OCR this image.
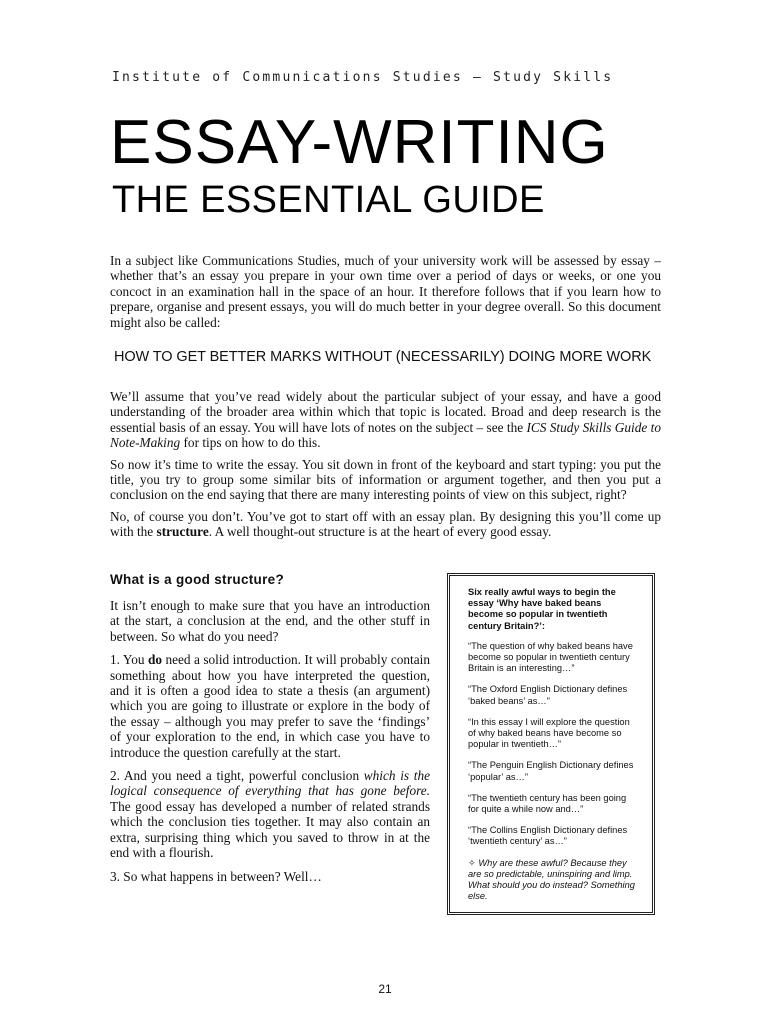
Institute of Communications Studies – Study Skills
ESSAY-WRITING
THE ESSENTIAL GUIDE

In a subject like Communications Studies, much of your university work will be assessed by essay – whether that’s an essay you prepare in your own time over a period of days or weeks, or one you concoct in an examination hall in the space of an hour. It therefore follows that if you learn how to prepare, organise and present essays, you will do much better in your degree overall. So this document might also be called:

HOW TO GET BETTER MARKS WITHOUT (NECESSARILY) DOING MORE WORK

We’ll assume that you’ve read widely about the particular subject of your essay, and have a good understanding of the broader area within which that topic is located. Broad and deep research is the essential basis of an essay. You will have lots of notes on the subject – see the ICS Study Skills Guide to Note-Making for tips on how to do this.

So now it’s time to write the essay. You sit down in front of the keyboard and start typing: you put the title, you try to group some similar bits of information or argument together, and then you put a conclusion on the end saying that there are many interesting points of view on this subject, right?

No, of course you don’t. You’ve got to start off with an essay plan. By designing this you’ll come up with the structure. A well thought-out structure is at the heart of every good essay.

What is a good structure?

It isn’t enough to make sure that you have an introduction at the start, a conclusion at the end, and the other stuff in between. So what do you need?

1. You do need a solid introduction. It will probably contain something about how you have interpreted the question, and it is often a good idea to state a thesis (an argument) which you are going to illustrate or explore in the body of the essay – although you may prefer to save the ‘findings’ of your exploration to the end, in which case you have to introduce the question carefully at the start.

2. And you need a tight, powerful conclusion which is the logical consequence of everything that has gone before. The good essay has developed a number of related strands which the conclusion ties together. It may also contain an extra, surprising thing which you saved to throw in at the end with a flourish.

3. So what happens in between? Well…

Six really awful ways to begin the essay ‘Why have baked beans become so popular in twentieth century Britain?’:

“The question of why baked beans have become so popular in twentieth century Britain is an interesting…”

“The Oxford English Dictionary defines ‘baked beans’ as…”

“In this essay I will explore the question of why baked beans have become so popular in twentieth…”

“The Penguin English Dictionary defines ‘popular’ as…”

“The twentieth century has been going for quite a while now and…”

“The Collins English Dictionary defines ‘twentieth century’ as…”

✧ Why are these awful? Because they are so predictable, uninspiring and limp. What should you do instead? Something else.

21
